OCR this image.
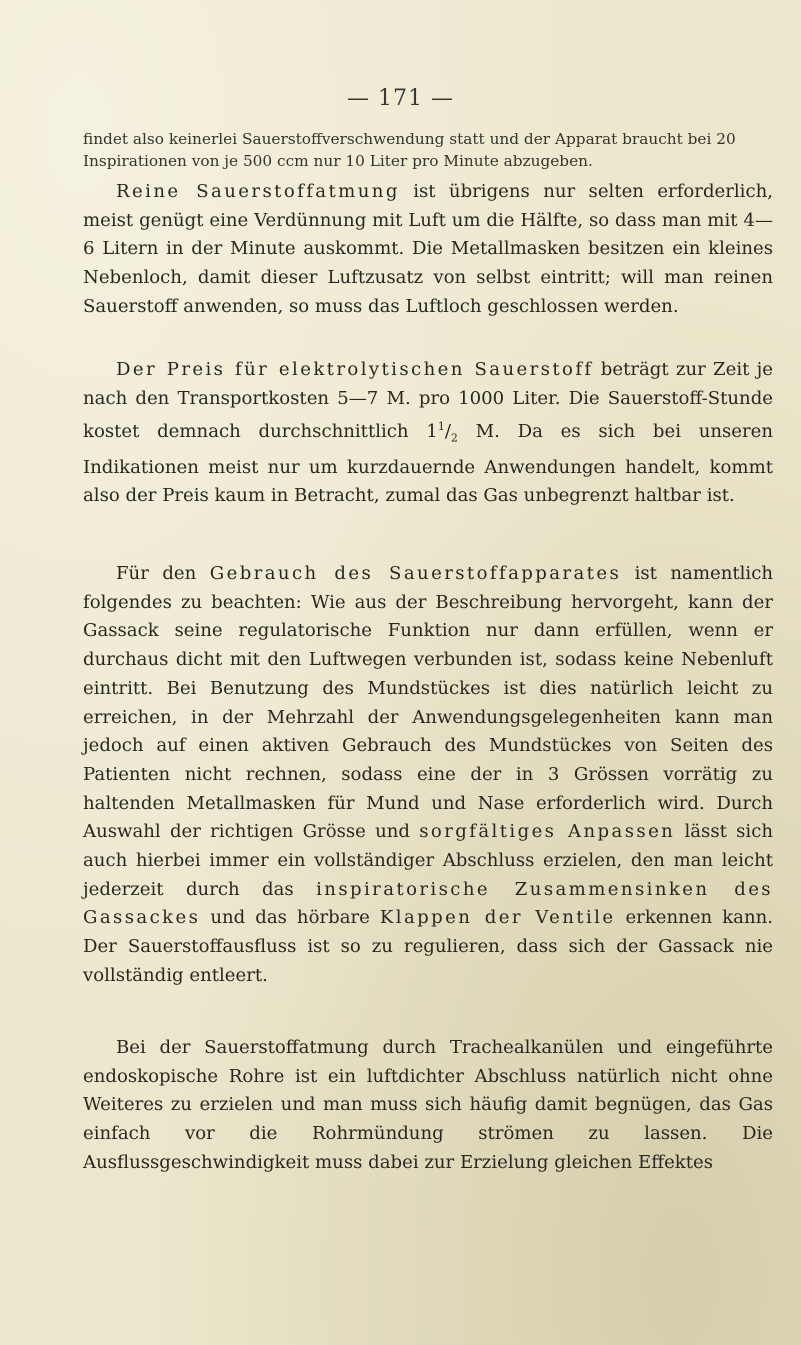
— 171 —

findet also keinerlei Sauerstoffverschwendung statt und der Apparat braucht bei 20 Inspirationen von je 500 ccm nur 10 Liter pro Minute abzugeben.

Reine Sauerstoffatmung ist übrigens nur selten erforderlich, meist genügt eine Verdünnung mit Luft um die Hälfte, so dass man mit 4—6 Litern in der Minute auskommt. Die Metallmasken besitzen ein kleines Nebenloch, damit dieser Luftzusatz von selbst eintritt; will man reinen Sauerstoff anwenden, so muss das Luftloch geschlossen werden.

Der Preis für elektrolytischen Sauerstoff beträgt zur Zeit je nach den Transportkosten 5—7 M. pro 1000 Liter. Die Sauerstoff-Stunde kostet demnach durchschnittlich $1^1/_2$ M. Da es sich bei unseren Indikationen meist nur um kurzdauernde Anwendungen handelt, kommt also der Preis kaum in Betracht, zumal das Gas unbegrenzt haltbar ist.

Für den Gebrauch des Sauerstoffapparates ist namentlich folgendes zu beachten: Wie aus der Beschreibung hervorgeht, kann der Gassack seine regulatorische Funktion nur dann erfüllen, wenn er durchaus dicht mit den Luftwegen verbunden ist, sodass keine Nebenluft eintritt. Bei Benutzung des Mundstückes ist dies natürlich leicht zu erreichen, in der Mehrzahl der Anwendungsgelegenheiten kann man jedoch auf einen aktiven Gebrauch des Mundstückes von Seiten des Patienten nicht rechnen, sodass eine der in 3 Grössen vorrätig zu haltenden Metallmasken für Mund und Nase erforderlich wird. Durch Auswahl der richtigen Grösse und sorgfältiges Anpassen lässt sich auch hierbei immer ein vollständiger Abschluss erzielen, den man leicht jederzeit durch das inspiratorische Zusammensinken des Gassackes und das hörbare Klappen der Ventile erkennen kann. Der Sauerstoffausfluss ist so zu regulieren, dass sich der Gassack nie vollständig entleert.

Bei der Sauerstoffatmung durch Trachealkanülen und eingeführte endoskopische Rohre ist ein luftdichter Abschluss natürlich nicht ohne Weiteres zu erzielen und man muss sich häufig damit begnügen, das Gas einfach vor die Rohrmündung strömen zu lassen. Die Ausflussgeschwindigkeit muss dabei zur Erzielung gleichen Effektes
